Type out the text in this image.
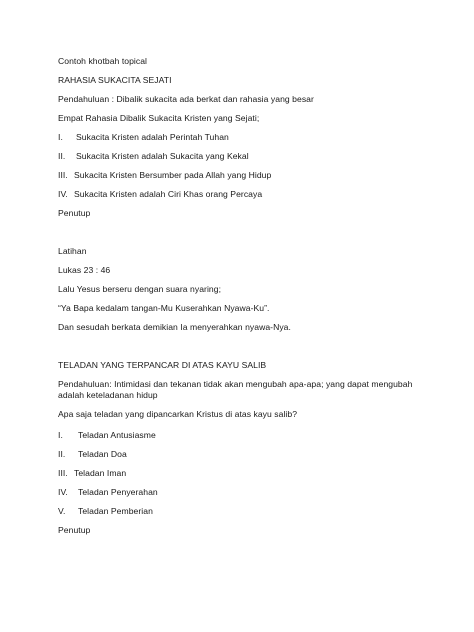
Contoh khotbah topical
RAHASIA SUKACITA SEJATI
Pendahuluan : Dibalik sukacita ada berkat dan rahasia yang besar
Empat Rahasia Dibalik Sukacita Kristen yang Sejati;
I. Sukacita Kristen adalah Perintah Tuhan
II. Sukacita Kristen adalah Sukacita yang Kekal
III. Sukacita Kristen Bersumber pada Allah yang Hidup
IV. Sukacita Kristen adalah Ciri Khas orang Percaya
Penutup
Latihan
Lukas 23 : 46
Lalu Yesus berseru dengan suara nyaring;
“Ya Bapa kedalam tangan-Mu Kuserahkan Nyawa-Ku”.
Dan sesudah berkata demikian Ia menyerahkan nyawa-Nya.
TELADAN YANG TERPANCAR DI ATAS KAYU SALIB
Pendahuluan: Intimidasi dan tekanan tidak akan mengubah apa-apa; yang dapat mengubah adalah keteladanan hidup
Apa saja teladan yang dipancarkan Kristus di atas kayu salib?
I. Teladan Antusiasme
II. Teladan Doa
III. Teladan Iman
IV. Teladan Penyerahan
V. Teladan Pemberian
Penutup
